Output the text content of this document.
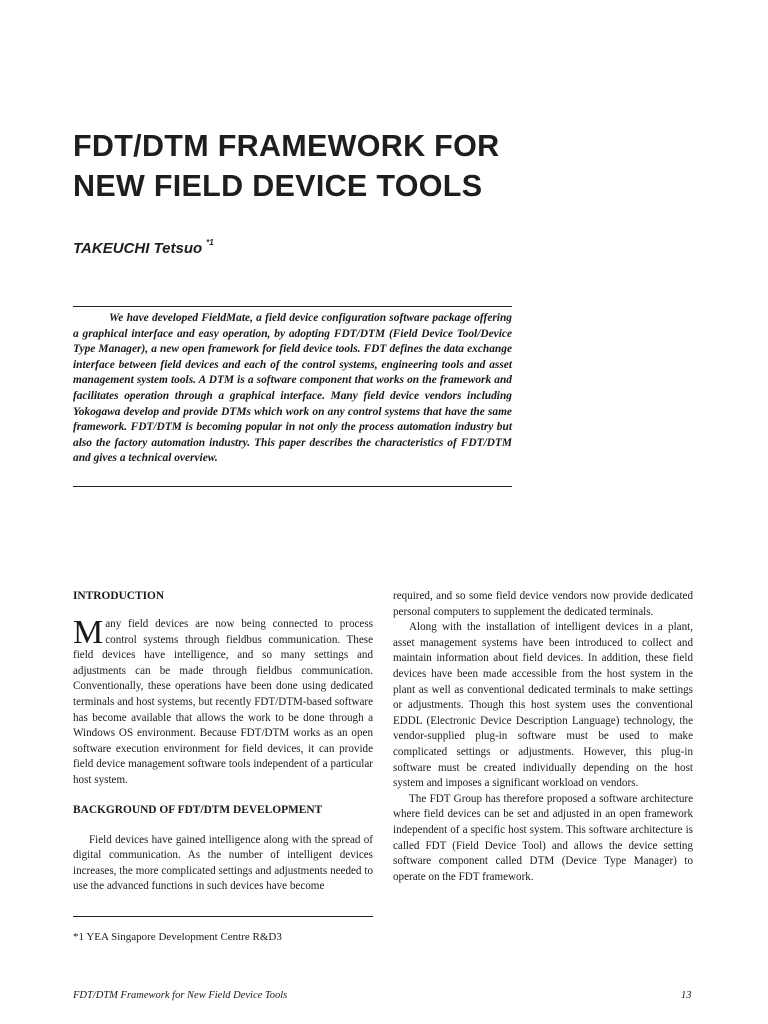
FDT/DTM FRAMEWORK FOR
NEW FIELD DEVICE TOOLS
TAKEUCHI Tetsuo $^{*1}$

We have developed FieldMate, a field device configuration software package offering a graphical interface and easy operation, by adopting FDT/DTM (Field Device Tool/Device Type Manager), a new open framework for field device tools. FDT defines the data exchange interface between field devices and each of the control systems, engineering tools and asset management system tools. A DTM is a software component that works on the framework and facilitates operation through a graphical interface. Many field device vendors including Yokogawa develop and provide DTMs which work on any control systems that have the same framework. FDT/DTM is becoming popular in not only the process automation industry but also the factory automation industry. This paper describes the characteristics of FDT/DTM and gives a technical overview.

INTRODUCTION

Many field devices are now being connected to process control systems through fieldbus communication. These field devices have intelligence, and so many settings and adjustments can be made through fieldbus communication. Conventionally, these operations have been done using dedicated terminals and host systems, but recently FDT/DTM-based software has become available that allows the work to be done through a Windows OS environment. Because FDT/DTM works as an open software execution environment for field devices, it can provide field device management software tools independent of a particular host system.

BACKGROUND OF FDT/DTM DEVELOPMENT

Field devices have gained intelligence along with the spread of digital communication. As the number of intelligent devices increases, the more complicated settings and adjustments needed to use the advanced functions in such devices have become

required, and so some field device vendors now provide dedicated personal computers to supplement the dedicated terminals.

Along with the installation of intelligent devices in a plant, asset management systems have been introduced to collect and maintain information about field devices. In addition, these field devices have been made accessible from the host system in the plant as well as conventional dedicated terminals to make settings or adjustments. Though this host system uses the conventional EDDL (Electronic Device Description Language) technology, the vendor-supplied plug-in software must be used to make complicated settings or adjustments. However, this plug-in software must be created individually depending on the host system and imposes a significant workload on vendors.

The FDT Group has therefore proposed a software architecture where field devices can be set and adjusted in an open framework independent of a specific host system. This software architecture is called FDT (Field Device Tool) and allows the device setting software component called DTM (Device Type Manager) to operate on the FDT framework.

*1 YEA Singapore Development Centre R&D3
FDT/DTM Framework for New Field Device Tools	13
